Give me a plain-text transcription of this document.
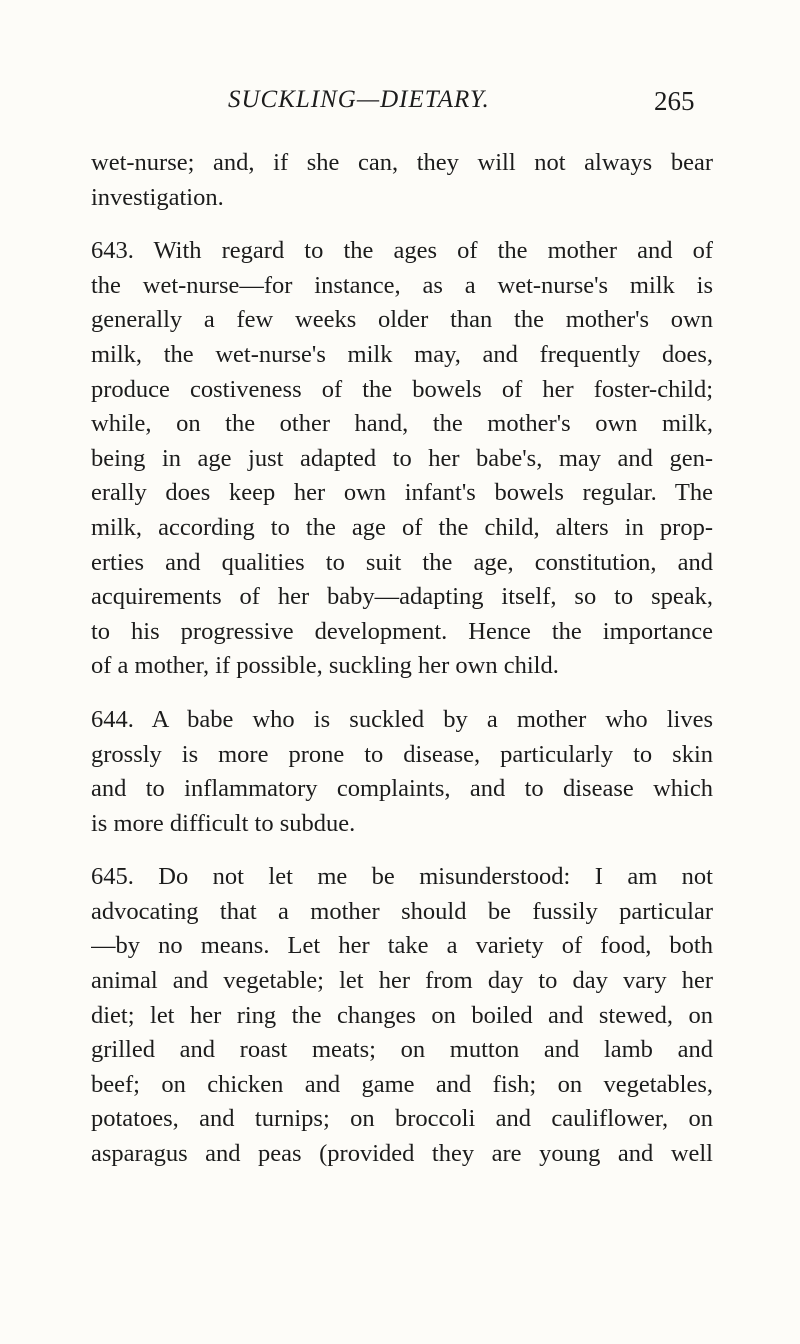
SUCKLING—DIETARY.	265
wet-nurse; and, if she can, they will not always bear
investigation.
643. With regard to the ages of the mother and of
the wet-nurse—for instance, as a wet-nurse's milk is
generally a few weeks older than the mother's own
milk, the wet-nurse's milk may, and frequently does,
produce costiveness of the bowels of her foster-child;
while, on the other hand, the mother's own milk,
being in age just adapted to her babe's, may and gen-
erally does keep her own infant's bowels regular. The
milk, according to the age of the child, alters in prop-
erties and qualities to suit the age, constitution, and
acquirements of her baby—adapting itself, so to speak,
to his progressive development. Hence the importance
of a mother, if possible, suckling her own child.
644. A babe who is suckled by a mother who lives
grossly is more prone to disease, particularly to skin
and to inflammatory complaints, and to disease which
is more difficult to subdue.
645. Do not let me be misunderstood: I am not
advocating that a mother should be fussily particular
—by no means. Let her take a variety of food, both
animal and vegetable; let her from day to day vary her
diet; let her ring the changes on boiled and stewed, on
grilled and roast meats; on mutton and lamb and
beef; on chicken and game and fish; on vegetables,
potatoes, and turnips; on broccoli and cauliflower, on
asparagus and peas (provided they are young and well
